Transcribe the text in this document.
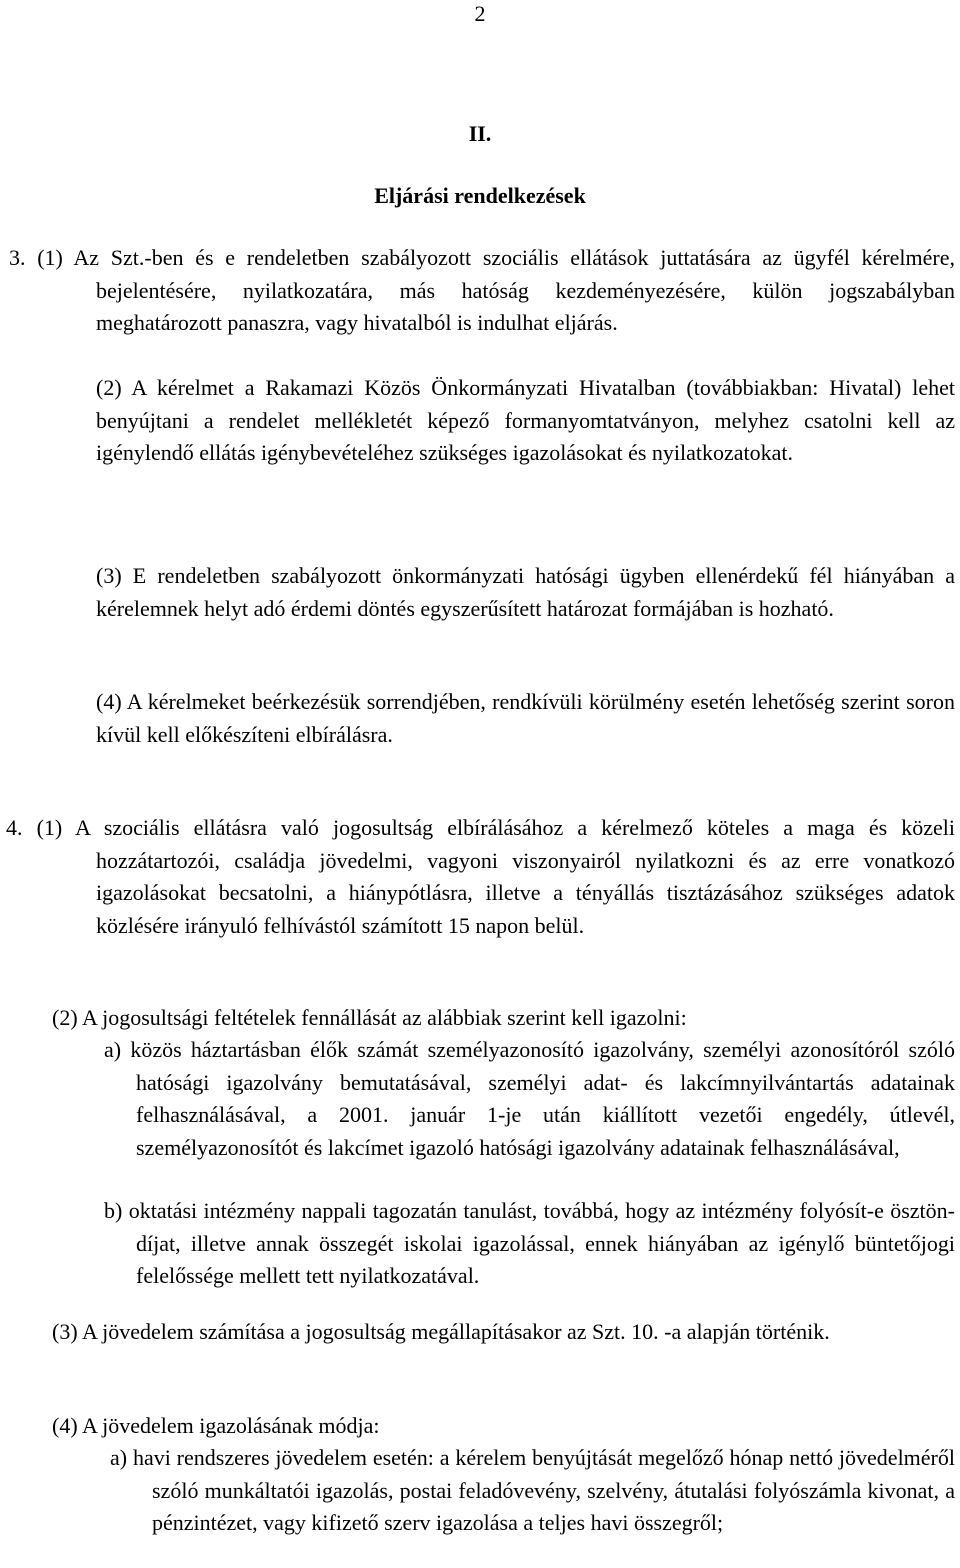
2
II.
Eljárási rendelkezések

3. (1) Az Szt.-ben és e rendeletben szabályozott szociális ellátások juttatására az ügyfél kérelmére, bejelentésére, nyilatkozatára, más hatóság kezdeményezésére, külön jogszabályban meghatározott panaszra, vagy hivatalból is indulhat eljárás.

(2) A kérelmet a Rakamazi Közös Önkormányzati Hivatalban (továbbiakban: Hivatal) lehet benyújtani a rendelet mellékletét képező formanyomtatványon, melyhez csatolni kell az igénylendő ellátás igénybevételéhez szükséges igazolásokat és nyilatkozatokat.

(3) E rendeletben szabályozott önkormányzati hatósági ügyben ellenérdekű fél hiányában a kérelemnek helyt adó érdemi döntés egyszerűsített határozat formájában is hozható.

(4) A kérelmeket beérkezésük sorrendjében, rendkívüli körülmény esetén lehetőség szerint soron kívül kell előkészíteni elbírálásra.

4. (1) A szociális ellátásra való jogosultság elbírálásához a kérelmező köteles a maga és közeli hozzátartozói, családja jövedelmi, vagyoni viszonyairól nyilatkozni és az erre vonatkozó igazolásokat becsatolni, a hiánypótlásra, illetve a tényállás tisztázásához szükséges adatok közlésére irányuló felhívástól számított 15 napon belül.

(2) A jogosultsági feltételek fennállását az alábbiak szerint kell igazolni:

a) közös háztartásban élők számát személyazonosító igazolvány, személyi azonosítóról szóló hatósági igazolvány bemutatásával, személyi adat- és lakcímnyilvántartás adatainak felhasználásával, a 2001. január 1-je után kiállított vezetői engedély, útlevél, személyazonosítót és lakcímet igazoló hatósági igazolvány adatainak felhasználásával,

b) oktatási intézmény nappali tagozatán tanulást, továbbá, hogy az intézmény folyósít-e ösztön-díjat, illetve annak összegét iskolai igazolással, ennek hiányában az igénylő büntetőjogi felelőssége mellett tett nyilatkozatával.

(3) A jövedelem számítása a jogosultság megállapításakor az Szt. 10. -a alapján történik.

(4) A jövedelem igazolásának módja:

a) havi rendszeres jövedelem esetén: a kérelem benyújtását megelőző hónap nettó jövedelméről szóló munkáltatói igazolás, postai feladóvevény, szelvény, átutalási folyószámla kivonat, a pénzintézet, vagy kifizető szerv igazolása a teljes havi összegről;
